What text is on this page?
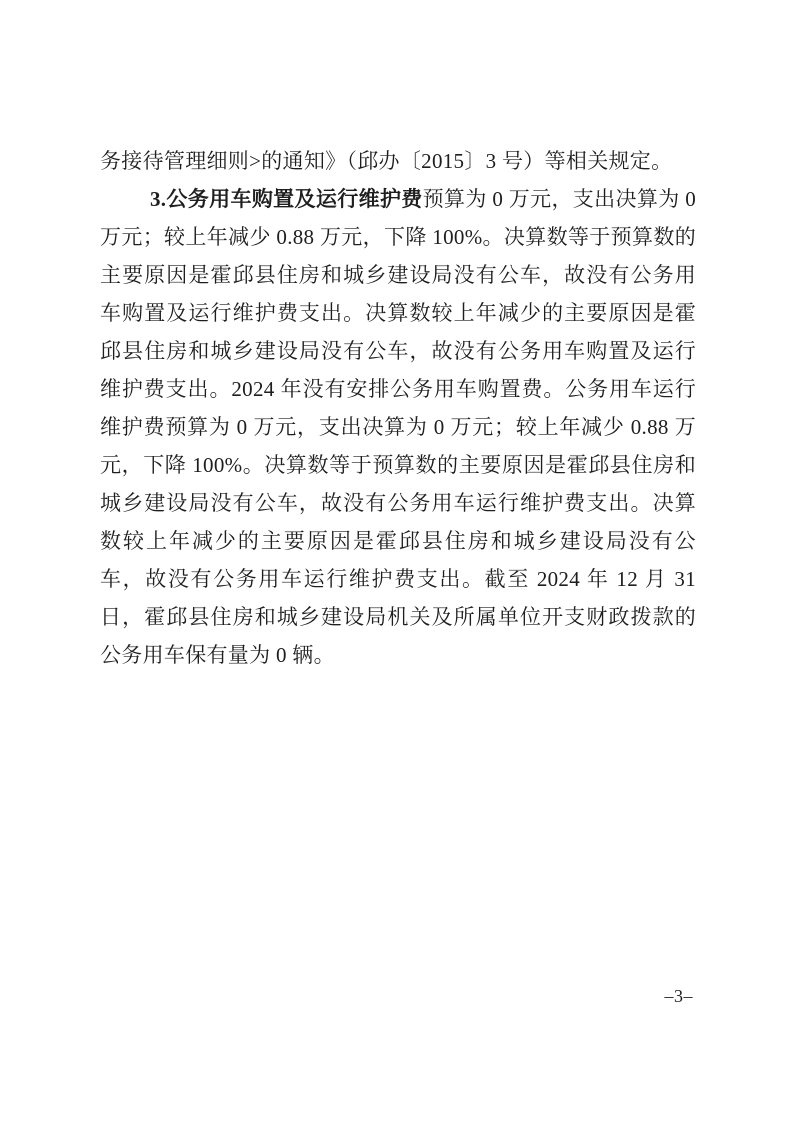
务接待管理细则>的通知》（邱办〔2015〕3 号）等相关规定。

3.公务用车购置及运行维护费预算为 0 万元，支出决算为 0 万元；较上年减少 0.88 万元，下降 100%。决算数等于预算数的主要原因是霍邱县住房和城乡建设局没有公车，故没有公务用车购置及运行维护费支出。决算数较上年减少的主要原因是霍邱县住房和城乡建设局没有公车，故没有公务用车购置及运行维护费支出。2024 年没有安排公务用车购置费。公务用车运行维护费预算为 0 万元，支出决算为 0 万元；较上年减少 0.88 万元，下降 100%。决算数等于预算数的主要原因是霍邱县住房和城乡建设局没有公车，故没有公务用车运行维护费支出。决算数较上年减少的主要原因是霍邱县住房和城乡建设局没有公车，故没有公务用车运行维护费支出。截至 2024 年 12 月 31 日，霍邱县住房和城乡建设局机关及所属单位开支财政拨款的公务用车保有量为 0 辆。

–3–
